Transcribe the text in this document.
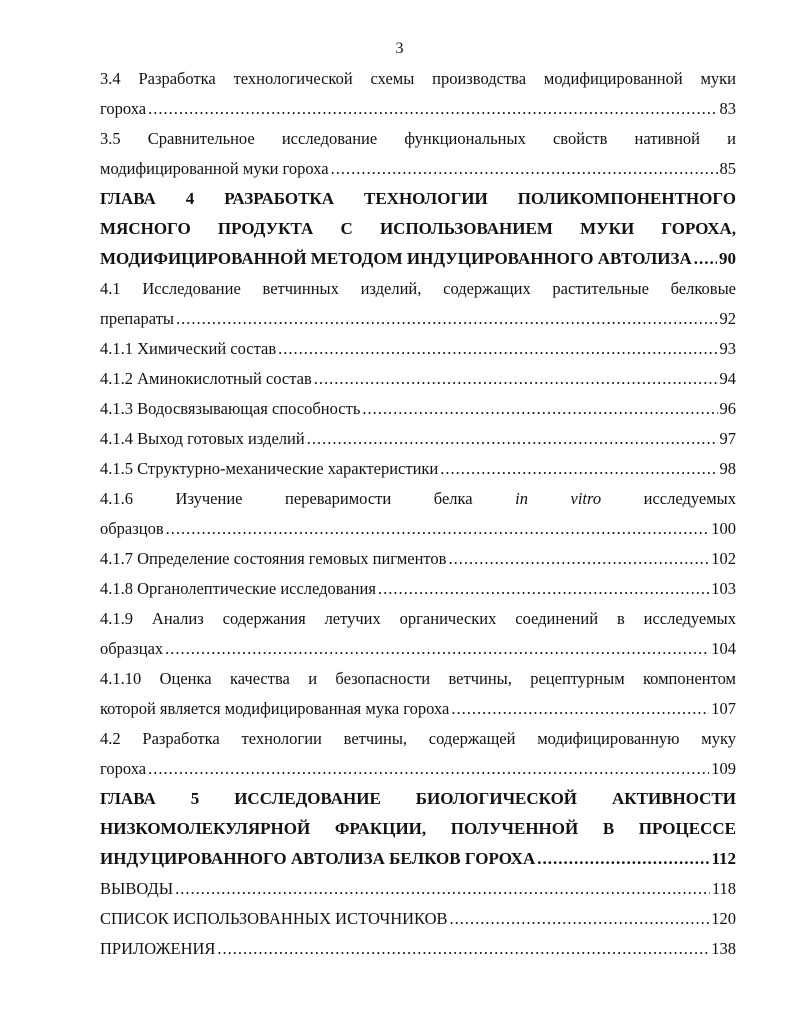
3
3.4 Разработка технологической схемы производства модифицированной муки
гороха .....	83
3.5 Сравнительное исследование функциональных свойств нативной и
модифицированной муки гороха .....	85
ГЛАВА 4 РАЗРАБОТКА ТЕХНОЛОГИИ ПОЛИКОМПОНЕНТНОГО
МЯСНОГО ПРОДУКТА С ИСПОЛЬЗОВАНИЕМ МУКИ ГОРОХА,
МОДИФИЦИРОВАННОЙ МЕТОДОМ ИНДУЦИРОВАННОГО АВТОЛИЗА ..... 90
4.1 Исследование ветчинных изделий, содержащих растительные белковые
препараты .....	92
4.1.1 Химический состав .....	93
4.1.2 Аминокислотный состав .....	94
4.1.3 Водосвязывающая способность .....	96
4.1.4 Выход готовых изделий .....	97
4.1.5 Структурно-механические характеристики .....	98
4.1.6 Изучение переваримости белка in vitro исследуемых
образцов .....	100
4.1.7 Определение состояния гемовых пигментов .....	102
4.1.8 Органолептические исследования .....	103
4.1.9 Анализ содержания летучих органических соединений в исследуемых
образцах .....	104
4.1.10 Оценка качества и безопасности ветчины, рецептурным компонентом
которой является модифицированная мука гороха .....	107
4.2 Разработка технологии ветчины, содержащей модифицированную муку
гороха .....	109
ГЛАВА 5 ИССЛЕДОВАНИЕ БИОЛОГИЧЕСКОЙ АКТИВНОСТИ
НИЗКОМОЛЕКУЛЯРНОЙ ФРАКЦИИ, ПОЛУЧЕННОЙ В ПРОЦЕССЕ
ИНДУЦИРОВАННОГО АВТОЛИЗА БЕЛКОВ ГОРОХА .....	112
ВЫВОДЫ .....	118
СПИСОК ИСПОЛЬЗОВАННЫХ ИСТОЧНИКОВ .....	120
ПРИЛОЖЕНИЯ .....	138
